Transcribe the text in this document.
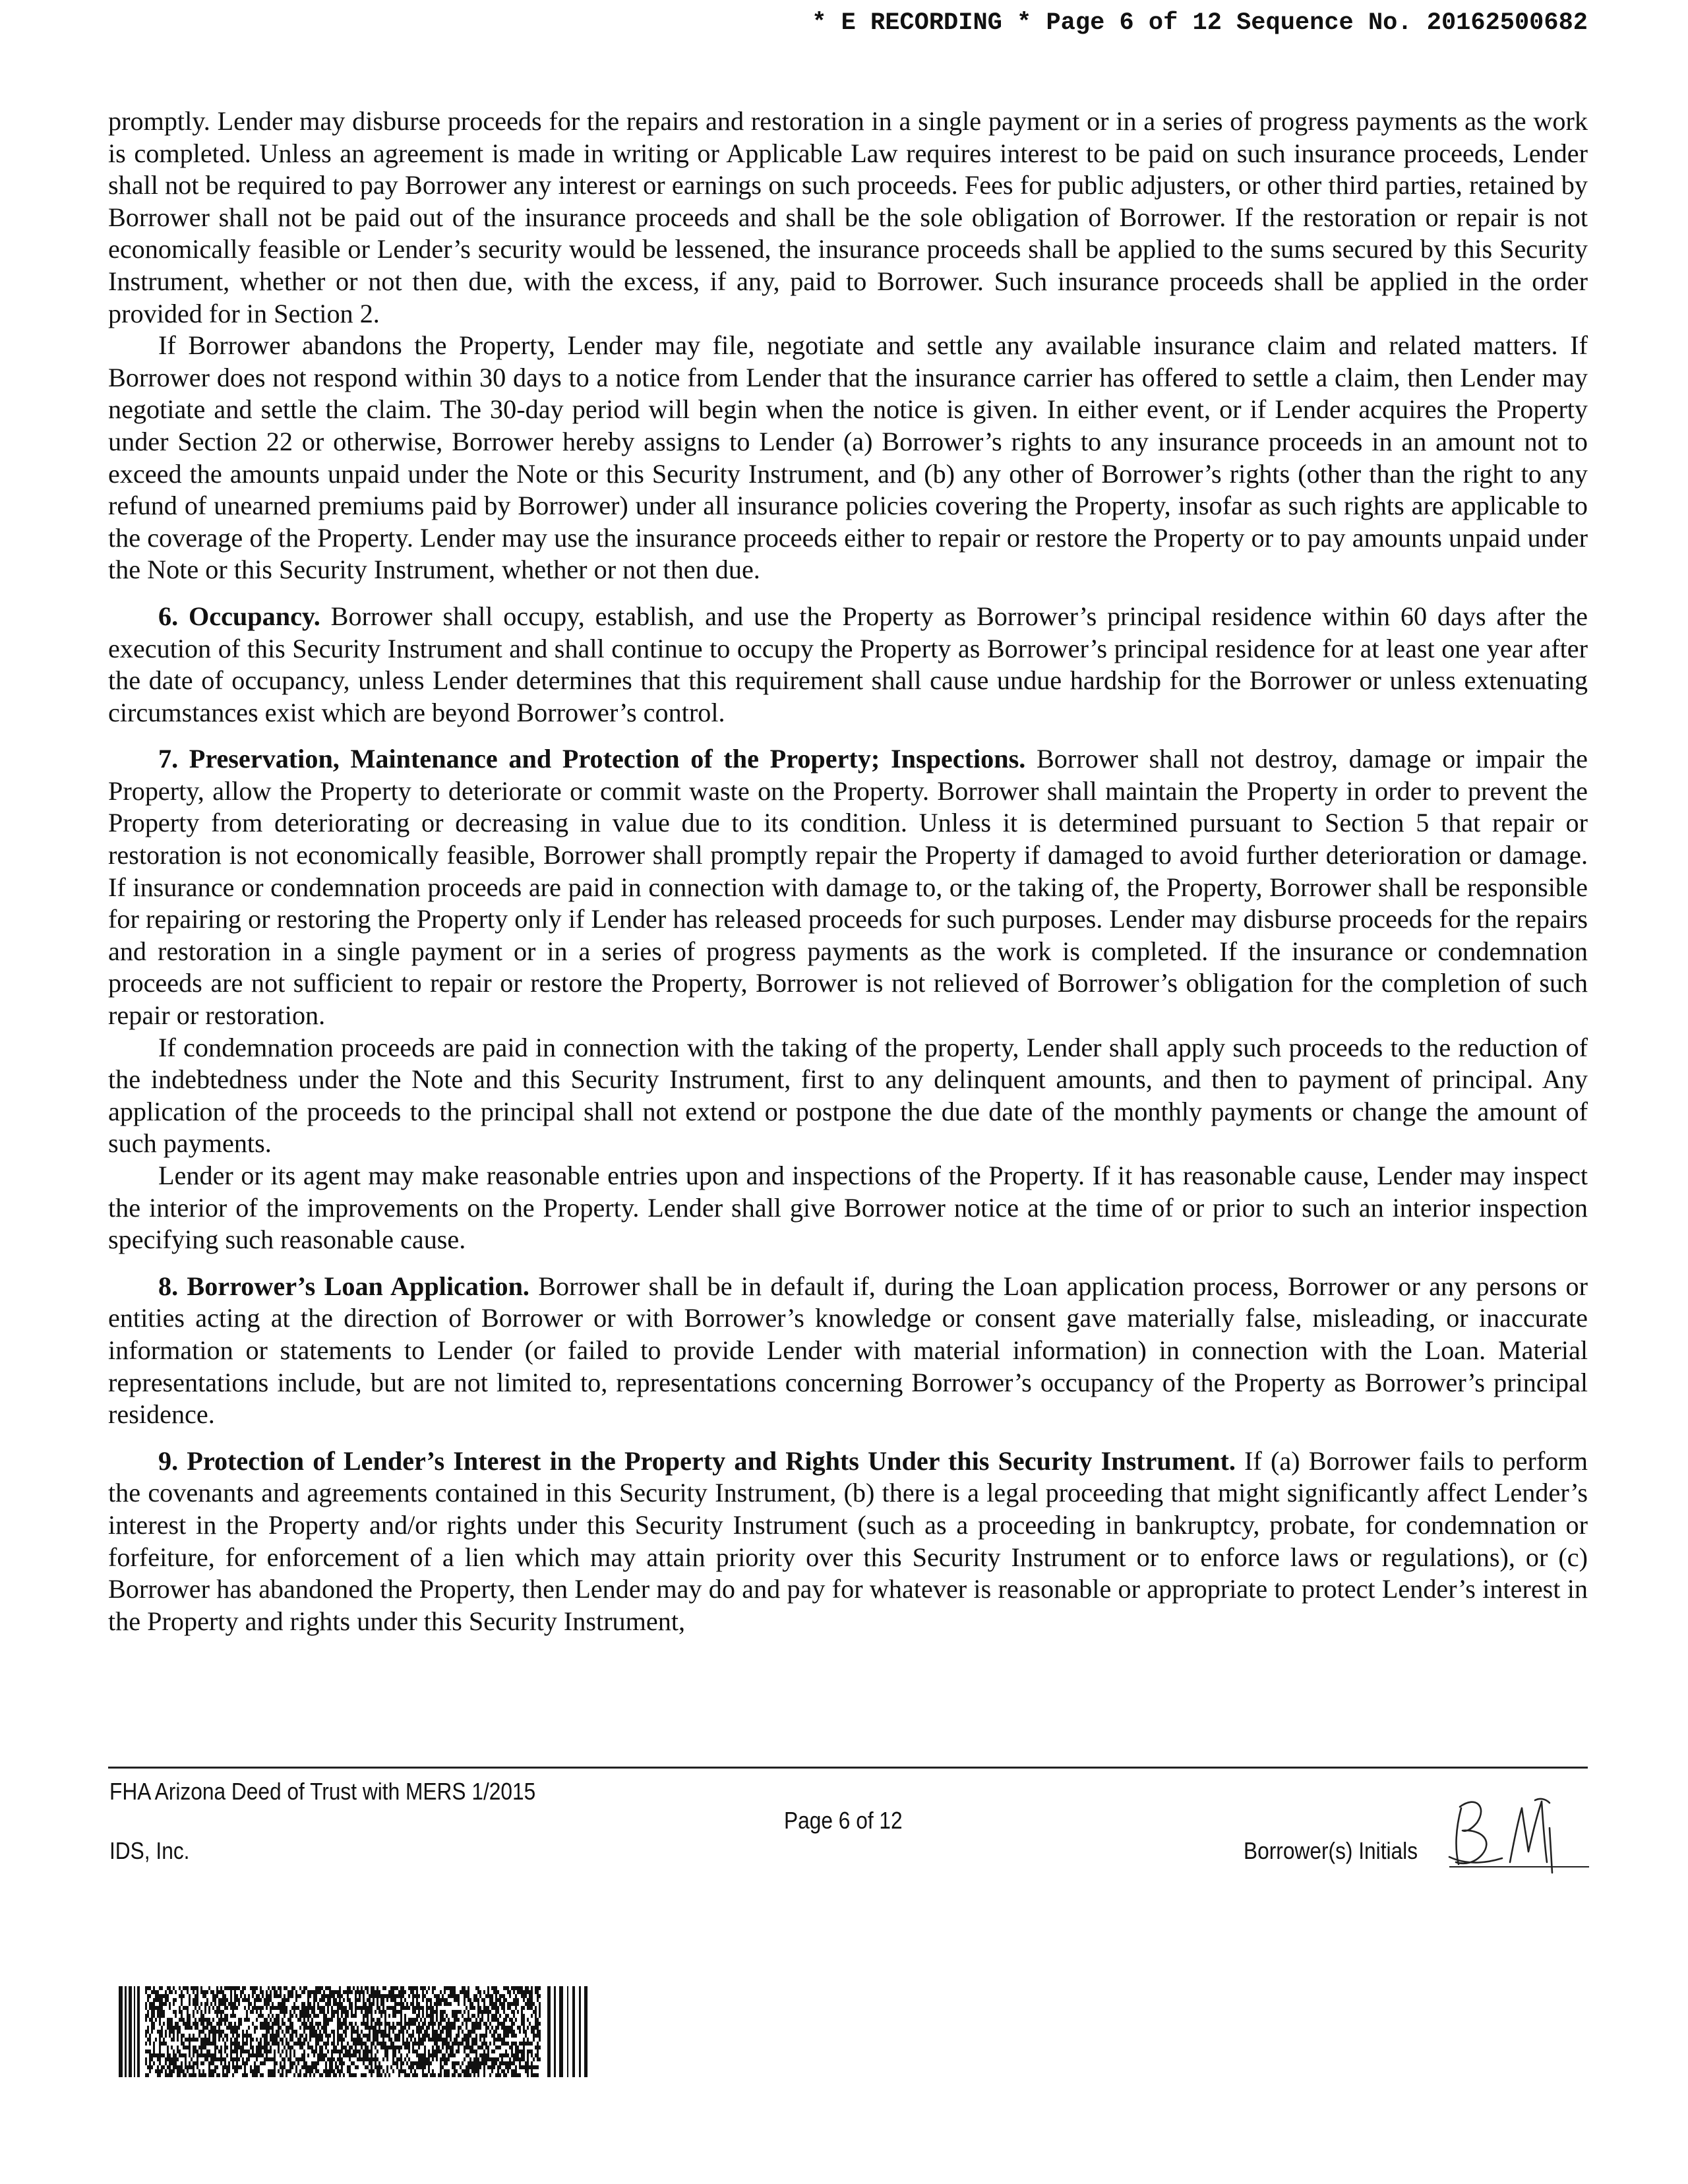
* E RECORDING * Page 6 of 12 Sequence No. 20162500682

promptly. Lender may disburse proceeds for the repairs and restoration in a single payment or in a series of progress payments as the work is completed. Unless an agreement is made in writing or Applicable Law requires interest to be paid on such insurance proceeds, Lender shall not be required to pay Borrower any interest or earnings on such proceeds. Fees for public adjusters, or other third parties, retained by Borrower shall not be paid out of the insurance proceeds and shall be the sole obligation of Borrower. If the restoration or repair is not economically feasible or Lender’s security would be lessened, the insurance proceeds shall be applied to the sums secured by this Security Instrument, whether or not then due, with the excess, if any, paid to Borrower. Such insurance proceeds shall be applied in the order provided for in Section 2.

If Borrower abandons the Property, Lender may file, negotiate and settle any available insurance claim and related matters. If Borrower does not respond within 30 days to a notice from Lender that the insurance carrier has offered to settle a claim, then Lender may negotiate and settle the claim. The 30-day period will begin when the notice is given. In either event, or if Lender acquires the Property under Section 22 or otherwise, Borrower hereby assigns to Lender (a) Borrower’s rights to any insurance proceeds in an amount not to exceed the amounts unpaid under the Note or this Security Instrument, and (b) any other of Borrower’s rights (other than the right to any refund of unearned premiums paid by Borrower) under all insurance policies covering the Property, insofar as such rights are applicable to the coverage of the Property. Lender may use the insurance proceeds either to repair or restore the Property or to pay amounts unpaid under the Note or this Security Instrument, whether or not then due.

6. Occupancy. Borrower shall occupy, establish, and use the Property as Borrower’s principal residence within 60 days after the execution of this Security Instrument and shall continue to occupy the Property as Borrower’s principal residence for at least one year after the date of occupancy, unless Lender determines that this requirement shall cause undue hardship for the Borrower or unless extenuating circumstances exist which are beyond Borrower’s control.

7. Preservation, Maintenance and Protection of the Property; Inspections. Borrower shall not destroy, damage or impair the Property, allow the Property to deteriorate or commit waste on the Property. Borrower shall maintain the Property in order to prevent the Property from deteriorating or decreasing in value due to its condition. Unless it is determined pursuant to Section 5 that repair or restoration is not economically feasible, Borrower shall promptly repair the Property if damaged to avoid further deterioration or damage. If insurance or condemnation proceeds are paid in connection with damage to, or the taking of, the Property, Borrower shall be responsible for repairing or restoring the Property only if Lender has released proceeds for such purposes. Lender may disburse proceeds for the repairs and restoration in a single payment or in a series of progress payments as the work is completed. If the insurance or condemnation proceeds are not sufficient to repair or restore the Property, Borrower is not relieved of Borrower’s obligation for the completion of such repair or restoration.

If condemnation proceeds are paid in connection with the taking of the property, Lender shall apply such proceeds to the reduction of the indebtedness under the Note and this Security Instrument, first to any delinquent amounts, and then to payment of principal. Any application of the proceeds to the principal shall not extend or postpone the due date of the monthly payments or change the amount of such payments.

Lender or its agent may make reasonable entries upon and inspections of the Property. If it has reasonable cause, Lender may inspect the interior of the improvements on the Property. Lender shall give Borrower notice at the time of or prior to such an interior inspection specifying such reasonable cause.

8. Borrower’s Loan Application. Borrower shall be in default if, during the Loan application process, Borrower or any persons or entities acting at the direction of Borrower or with Borrower’s knowledge or consent gave materially false, misleading, or inaccurate information or statements to Lender (or failed to provide Lender with material information) in connection with the Loan. Material representations include, but are not limited to, representations concerning Borrower’s occupancy of the Property as Borrower’s principal residence.

9. Protection of Lender’s Interest in the Property and Rights Under this Security Instrument. If (a) Borrower fails to perform the covenants and agreements contained in this Security Instrument, (b) there is a legal proceeding that might significantly affect Lender’s interest in the Property and/or rights under this Security Instrument (such as a proceeding in bankruptcy, probate, for condemnation or forfeiture, for enforcement of a lien which may attain priority over this Security Instrument or to enforce laws or regulations), or (c) Borrower has abandoned the Property, then Lender may do and pay for whatever is reasonable or appropriate to protect Lender’s interest in the Property and rights under this Security Instrument,

FHA Arizona Deed of Trust with MERS 1/2015
IDS, Inc.
Page 6 of 12
Borrower(s) Initials
